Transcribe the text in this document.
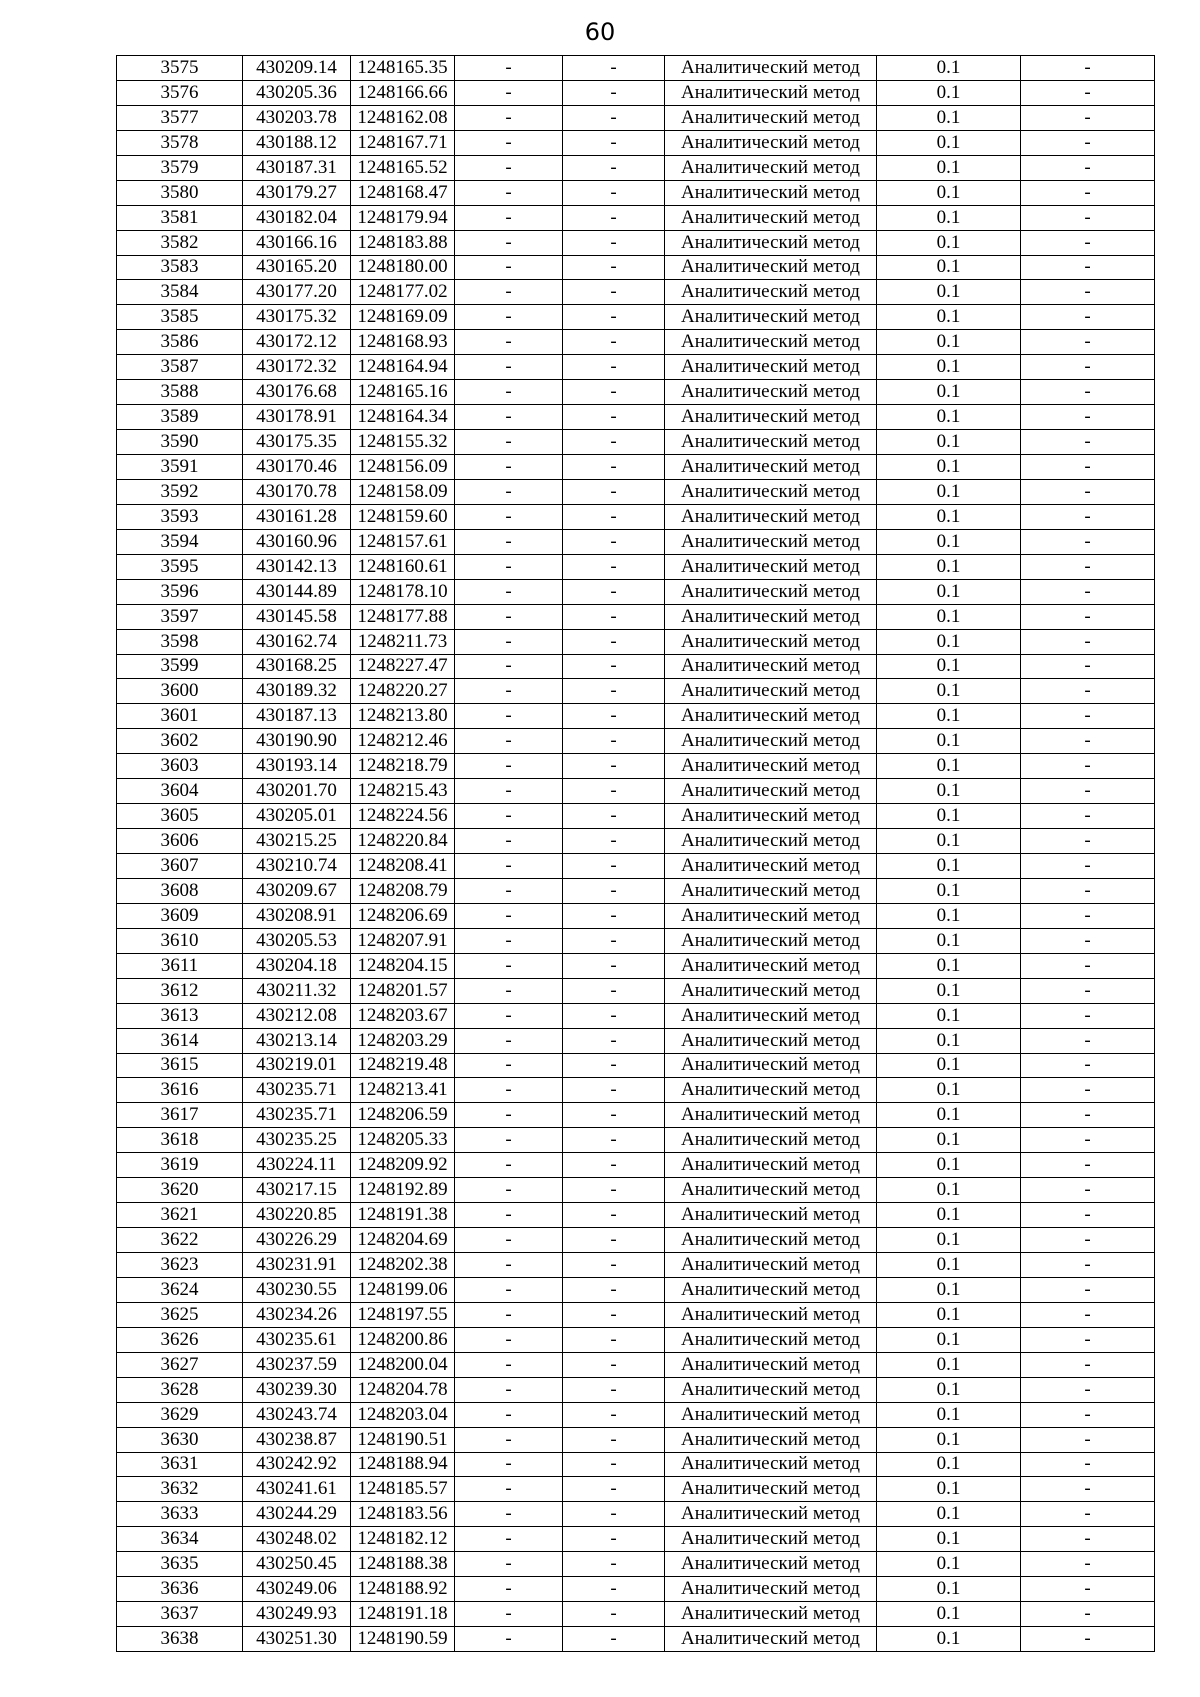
60
3575	430209.14	1248165.35	-	-	Аналитический метод	0.1	-
3576	430205.36	1248166.66	-	-	Аналитический метод	0.1	-
3577	430203.78	1248162.08	-	-	Аналитический метод	0.1	-
3578	430188.12	1248167.71	-	-	Аналитический метод	0.1	-
3579	430187.31	1248165.52	-	-	Аналитический метод	0.1	-
3580	430179.27	1248168.47	-	-	Аналитический метод	0.1	-
3581	430182.04	1248179.94	-	-	Аналитический метод	0.1	-
3582	430166.16	1248183.88	-	-	Аналитический метод	0.1	-
3583	430165.20	1248180.00	-	-	Аналитический метод	0.1	-
3584	430177.20	1248177.02	-	-	Аналитический метод	0.1	-
3585	430175.32	1248169.09	-	-	Аналитический метод	0.1	-
3586	430172.12	1248168.93	-	-	Аналитический метод	0.1	-
3587	430172.32	1248164.94	-	-	Аналитический метод	0.1	-
3588	430176.68	1248165.16	-	-	Аналитический метод	0.1	-
3589	430178.91	1248164.34	-	-	Аналитический метод	0.1	-
3590	430175.35	1248155.32	-	-	Аналитический метод	0.1	-
3591	430170.46	1248156.09	-	-	Аналитический метод	0.1	-
3592	430170.78	1248158.09	-	-	Аналитический метод	0.1	-
3593	430161.28	1248159.60	-	-	Аналитический метод	0.1	-
3594	430160.96	1248157.61	-	-	Аналитический метод	0.1	-
3595	430142.13	1248160.61	-	-	Аналитический метод	0.1	-
3596	430144.89	1248178.10	-	-	Аналитический метод	0.1	-
3597	430145.58	1248177.88	-	-	Аналитический метод	0.1	-
3598	430162.74	1248211.73	-	-	Аналитический метод	0.1	-
3599	430168.25	1248227.47	-	-	Аналитический метод	0.1	-
3600	430189.32	1248220.27	-	-	Аналитический метод	0.1	-
3601	430187.13	1248213.80	-	-	Аналитический метод	0.1	-
3602	430190.90	1248212.46	-	-	Аналитический метод	0.1	-
3603	430193.14	1248218.79	-	-	Аналитический метод	0.1	-
3604	430201.70	1248215.43	-	-	Аналитический метод	0.1	-
3605	430205.01	1248224.56	-	-	Аналитический метод	0.1	-
3606	430215.25	1248220.84	-	-	Аналитический метод	0.1	-
3607	430210.74	1248208.41	-	-	Аналитический метод	0.1	-
3608	430209.67	1248208.79	-	-	Аналитический метод	0.1	-
3609	430208.91	1248206.69	-	-	Аналитический метод	0.1	-
3610	430205.53	1248207.91	-	-	Аналитический метод	0.1	-
3611	430204.18	1248204.15	-	-	Аналитический метод	0.1	-
3612	430211.32	1248201.57	-	-	Аналитический метод	0.1	-
3613	430212.08	1248203.67	-	-	Аналитический метод	0.1	-
3614	430213.14	1248203.29	-	-	Аналитический метод	0.1	-
3615	430219.01	1248219.48	-	-	Аналитический метод	0.1	-
3616	430235.71	1248213.41	-	-	Аналитический метод	0.1	-
3617	430235.71	1248206.59	-	-	Аналитический метод	0.1	-
3618	430235.25	1248205.33	-	-	Аналитический метод	0.1	-
3619	430224.11	1248209.92	-	-	Аналитический метод	0.1	-
3620	430217.15	1248192.89	-	-	Аналитический метод	0.1	-
3621	430220.85	1248191.38	-	-	Аналитический метод	0.1	-
3622	430226.29	1248204.69	-	-	Аналитический метод	0.1	-
3623	430231.91	1248202.38	-	-	Аналитический метод	0.1	-
3624	430230.55	1248199.06	-	-	Аналитический метод	0.1	-
3625	430234.26	1248197.55	-	-	Аналитический метод	0.1	-
3626	430235.61	1248200.86	-	-	Аналитический метод	0.1	-
3627	430237.59	1248200.04	-	-	Аналитический метод	0.1	-
3628	430239.30	1248204.78	-	-	Аналитический метод	0.1	-
3629	430243.74	1248203.04	-	-	Аналитический метод	0.1	-
3630	430238.87	1248190.51	-	-	Аналитический метод	0.1	-
3631	430242.92	1248188.94	-	-	Аналитический метод	0.1	-
3632	430241.61	1248185.57	-	-	Аналитический метод	0.1	-
3633	430244.29	1248183.56	-	-	Аналитический метод	0.1	-
3634	430248.02	1248182.12	-	-	Аналитический метод	0.1	-
3635	430250.45	1248188.38	-	-	Аналитический метод	0.1	-
3636	430249.06	1248188.92	-	-	Аналитический метод	0.1	-
3637	430249.93	1248191.18	-	-	Аналитический метод	0.1	-
3638	430251.30	1248190.59	-	-	Аналитический метод	0.1	-
